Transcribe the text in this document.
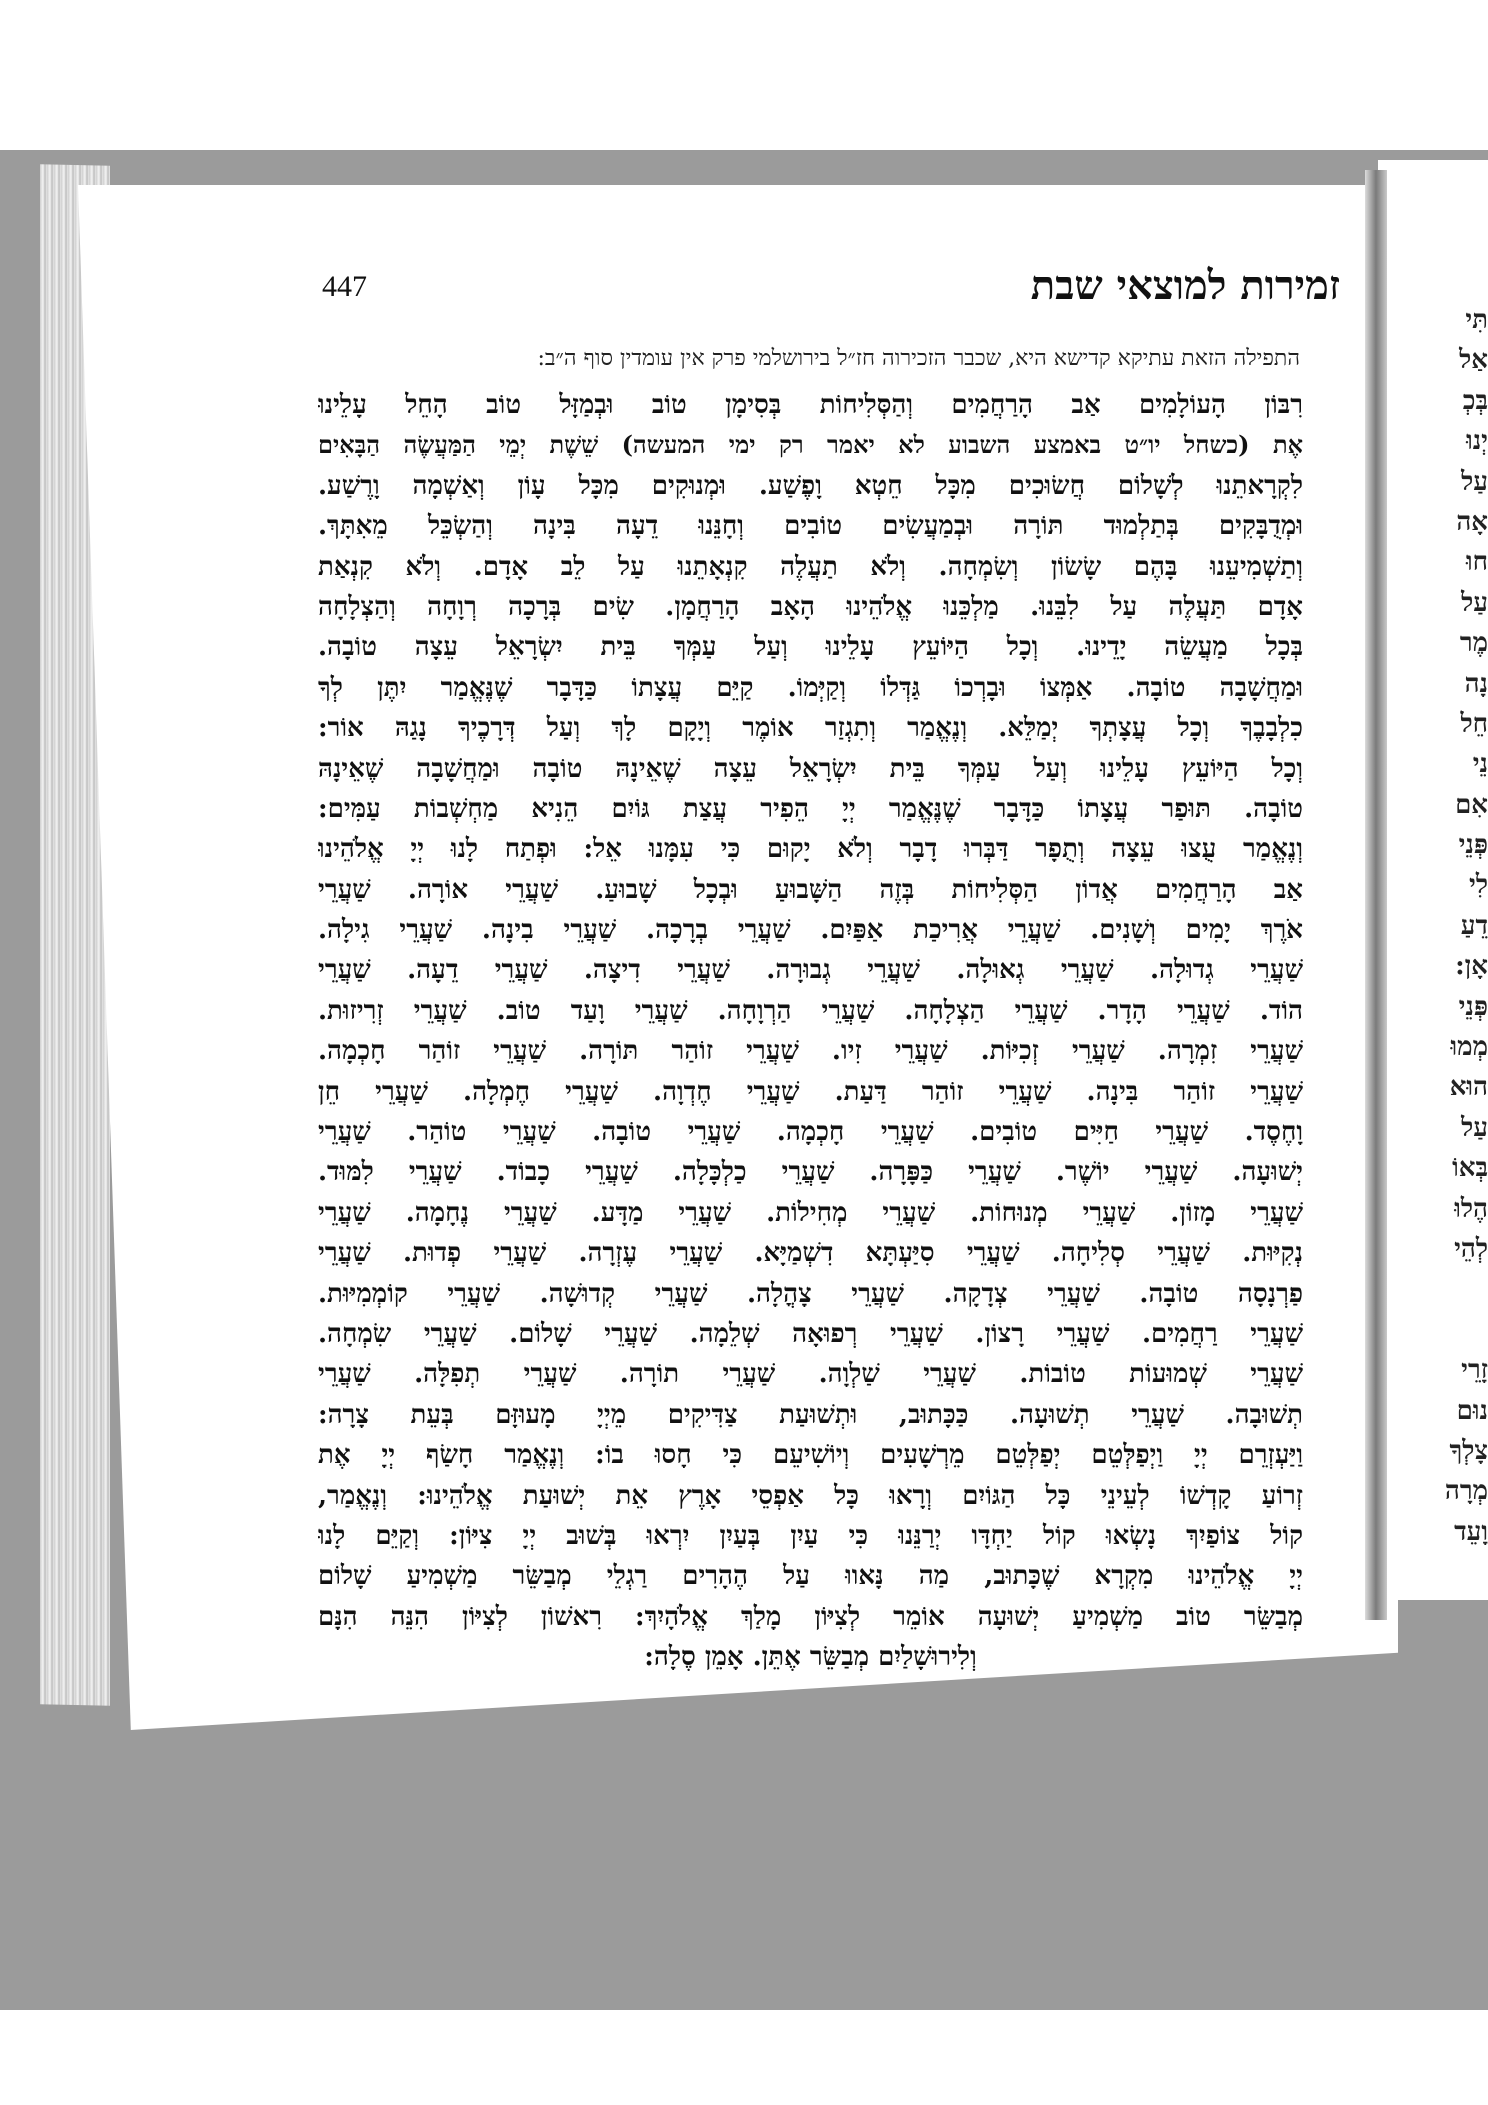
447	זמירות למוצאי שבת
התפילה הזאת עתיקא קדישא היא, שכבר הזכירוה חז״ל בירושלמי פרק אין עומדין סוף ה״ב:
רִבּוֹן הָעוֹלָמִים אַב הָרַחֲמִים וְהַסְּלִיחוֹת בְּסִימָן טוֹב וּבְמַזָּל טוֹב הָחֵל עָלֵינוּ
אֶת (כשחל יו״ט באמצע השבוע לא יאמר רק ימי המעשה) שֵׁשֶׁת יְמֵי הַמַּעֲשֶׂה הַבָּאִים
לִקְרָאתֵנוּ לְשָׁלוֹם חֲשׂוּכִים מִכָּל חֵטְא וָפֶשַׁע. וּמְנוּקִים מִכָּל עָוֹן וְאַשְׁמָה וָרֶשַׁע.
וּמְדֻבָּקִים בְּתַלְמוּד תּוֹרָה וּבְמַעֲשִׂים טוֹבִים וְחָנֵּנוּ דֵעָה בִּינָה וְהַשְׂכֵּל מֵאִתָּךְ.
וְתַשְׁמִיעֵנוּ בָּהֶם שָׂשׂוֹן וְשִׂמְחָה. וְלֹא תַעֲלֶה קִנְאָתֵנוּ עַל לֵב אָדָם. וְלֹא קִנְאַת
אָדָם תַּעֲלֶה עַל לִבֵּנוּ. מַלְכֵּנוּ אֱלֹהֵינוּ הָאָב הָרַחֲמָן. שִׂים בְּרָכָה רְוָחָה וְהַצְלָחָה
בְּכָל מַעֲשֵׂה יָדֵינוּ. וְכָל הַיּוֹעֵץ עָלֵינוּ וְעַל עַמְּךָ בֵּית יִשְׂרָאֵל עֵצָה טוֹבָה.
וּמַחֲשָׁבָה טוֹבָה. אַמְּצוֹ וּבָרְכוֹ גַּדְּלוֹ וְקַיְּמוֹ. קַיֵּם עֲצָתוֹ כַּדָּבָר שֶׁנֶּאֱמַר יִתֶּן לְךָ
כִלְבָבֶךָ וְכָל עֲצָתְךָ יְמַלֵּא. וְנֶאֱמַר וְתִגְזַר אוֹמֶר וְיָקָם לָךְ וְעַל דְּרָכֶיךָ נָגַהּ אוֹר:
וְכָל הַיּוֹעֵץ עָלֵינוּ וְעַל עַמְּךָ בֵּית יִשְׂרָאֵל עֵצָה שֶׁאֵינָהּ טוֹבָה וּמַחֲשָׁבָה שֶׁאֵינָהּ
טוֹבָה. תּוּפַר עֲצָתוֹ כַּדָּבָר שֶׁנֶּאֱמַר יְיָ הֵפִיר עֲצַת גּוֹיִם הֵנִיא מַחְשְׁבוֹת עַמִּים:
וְנֶאֱמַר עֻצוּ עֵצָה וְתֻפָר דַּבְּרוּ דָבָר וְלֹא יָקוּם כִּי עִמָּנוּ אֵל: וּפְתַח לָנוּ יְיָ אֱלֹהֵינוּ
אַב הָרַחֲמִים אֲדוֹן הַסְּלִיחוֹת בְּזֶה הַשָּׁבוּעַ וּבְכָל שָׁבוּעַ. שַׁעֲרֵי אוֹרָה. שַׁעֲרֵי
אֹרֶךְ יָמִים וְשָׁנִים. שַׁעֲרֵי אֲרִיכַת אַפַּיִם. שַׁעֲרֵי בְרָכָה. שַׁעֲרֵי בִינָה. שַׁעֲרֵי גִילָה.
שַׁעֲרֵי גְדוּלָה. שַׁעֲרֵי גְאוּלָה. שַׁעֲרֵי גְבוּרָה. שַׁעֲרֵי דִיצָה. שַׁעֲרֵי דֵעָה. שַׁעֲרֵי
הוֹד. שַׁעֲרֵי הָדָר. שַׁעֲרֵי הַצְלָחָה. שַׁעֲרֵי הַרְוָחָה. שַׁעֲרֵי וָעַד טוֹב. שַׁעֲרֵי זְרִיזוּת.
שַׁעֲרֵי זִמְרָה. שַׁעֲרֵי זְכִיּוֹת. שַׁעֲרֵי זִיו. שַׁעֲרֵי זוֹהַר תּוֹרָה. שַׁעֲרֵי זוֹהַר חָכְמָה.
שַׁעֲרֵי זוֹהַר בִּינָה. שַׁעֲרֵי זוֹהַר דַּעַת. שַׁעֲרֵי חֶדְוָה. שַׁעֲרֵי חֶמְלָה. שַׁעֲרֵי חֵן
וָחֶסֶד. שַׁעֲרֵי חַיִּים טוֹבִים. שַׁעֲרֵי חָכְמָה. שַׁעֲרֵי טוֹבָה. שַׁעֲרֵי טוֹהַר. שַׁעֲרֵי
יְשׁוּעָה. שַׁעֲרֵי יוֹשֶׁר. שַׁעֲרֵי כַּפָּרָה. שַׁעֲרֵי כַלְכָּלָה. שַׁעֲרֵי כָבוֹד. שַׁעֲרֵי לִמּוּד.
שַׁעֲרֵי מָזוֹן. שַׁעֲרֵי מְנוּחוֹת. שַׁעֲרֵי מְחִילוֹת. שַׁעֲרֵי מַדָּע. שַׁעֲרֵי נֶחָמָה. שַׁעֲרֵי
נְקִיּוּת. שַׁעֲרֵי סְלִיחָה. שַׁעֲרֵי סִיַּעְתָּא דִשְׁמַיָּא. שַׁעֲרֵי עֶזְרָה. שַׁעֲרֵי פְדוּת. שַׁעֲרֵי
פַרְנָסָה טוֹבָה. שַׁעֲרֵי צְדָקָה. שַׁעֲרֵי צָהֳלָה. שַׁעֲרֵי קְדוּשָׁה. שַׁעֲרֵי קוֹמְמִיּוּת.
שַׁעֲרֵי רַחֲמִים. שַׁעֲרֵי רָצוֹן. שַׁעֲרֵי רְפוּאָה שְׁלֵמָה. שַׁעֲרֵי שָׁלוֹם. שַׁעֲרֵי שִׂמְחָה.
שַׁעֲרֵי שְׁמוּעוֹת טוֹבוֹת. שַׁעֲרֵי שַׁלְוָה. שַׁעֲרֵי תוֹרָה. שַׁעֲרֵי תְפִלָּה. שַׁעֲרֵי
תְשׁוּבָה. שַׁעֲרֵי תְשׁוּעָה. כַּכָּתוּב, וּתְשׁוּעַת צַדִּיקִים מֵיְיָ מָעוּזָּם בְּעֵת צָרָה:
וַיַּעְזְרֵם יְיָ וַיְפַלְּטֵם יְפַלְּטֵם מֵרְשָׁעִים וְיוֹשִׁיעֵם כִּי חָסוּ בוֹ: וְנֶאֱמַר חָשַׂף יְיָ אֶת
זְרוֹעַ קָדְשׁוֹ לְעֵינֵי כָּל הַגּוֹיִם וְרָאוּ כָּל אַפְסֵי אָרֶץ אֵת יְשׁוּעַת אֱלֹהֵינוּ: וְנֶאֱמַר,
קוֹל צוֹפַיִךְ נָשְׂאוּ קוֹל יַחְדָּו יְרַנֵּנוּ כִּי עַיִן בְּעַיִן יִרְאוּ בְּשׁוּב יְיָ צִיּוֹן: וְקַיֵּם לָנוּ
יְיָ אֱלֹהֵינוּ מִקְרָא שֶׁכָּתוּב, מַה נָּאווּ עַל הֶהָרִים רַגְלֵי מְבַשֵּׂר מַשְׁמִיעַ שָׁלוֹם
מְבַשֵּׂר טוֹב מַשְׁמִיעַ יְשׁוּעָה אוֹמֵר לְצִיּוֹן מָלַךְ אֱלֹהָיִךְ: רִאשׁוֹן לְצִיּוֹן הִנֵּה הִנָּם
וְלִירוּשָׁלַיִם מְבַשֵּׂר אֶתֵּן. אָמֵן סֶלָה:
תִּי
אַל
בְּכְ
יְנוּ
עַל
אָה
חוּ
עַל
מֶר
נָה
חֵל
נֵי
אִם
פְּנֵי
לִי
דֵעַ
אָן:
פְּנֵי
מְמוּ
הוּא
עַל
בְּאוֹ
הֶלוּ
לְהֵי
זָרֵי
נוּם
צָלְךָ
מְרָה
וָעֵד
